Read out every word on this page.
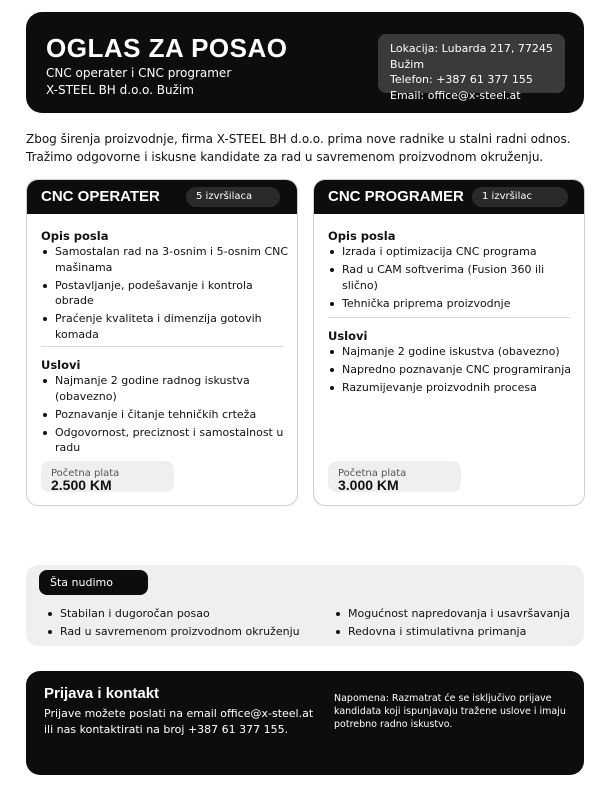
OGLAS ZA POSAO
CNC operater i CNC programer
X-STEEL BH d.o.o. Bužim
Lokacija: Lubarda 217, 77245
Bužim
Telefon: +387 61 377 155
Email: office@x-steel.at
Zbog širenja proizvodnje, firma X-STEEL BH d.o.o. prima nove radnike u stalni radni odnos.
Tražimo odgovorne i iskusne kandidate za rad u savremenom proizvodnom okruženju.
CNC OPERATER	5 izvršilaca
Opis posla
Samostalan rad na 3-osnim i 5-osnim CNC mašinama
Postavljanje, podešavanje i kontrola obrade
Praćenje kvaliteta i dimenzija gotovih komada
Uslovi
Najmanje 2 godine radnog iskustva (obavezno)
Poznavanje i čitanje tehničkih crteža
Odgovornost, preciznost i samostalnost u radu
Početna plata
2.500 KM
CNC PROGRAMER	1 izvršilac
Opis posla
Izrada i optimizacija CNC programa
Rad u CAM softverima (Fusion 360 ili slično)
Tehnička priprema proizvodnje
Uslovi
Najmanje 2 godine iskustva (obavezno)
Napredno poznavanje CNC programiranja
Razumijevanje proizvodnih procesa
Početna plata
3.000 KM
Šta nudimo
Stabilan i dugoročan posao
Rad u savremenom proizvodnom okruženju
Mogućnost napredovanja i usavršavanja
Redovna i stimulativna primanja
Prijava i kontakt
Prijave možete poslati na email office@x-steel.at
ili nas kontaktirati na broj +387 61 377 155.
Napomena: Razmatrat će se isključivo prijave kandidata koji ispunjavaju tražene uslove i imaju potrebno radno iskustvo.
